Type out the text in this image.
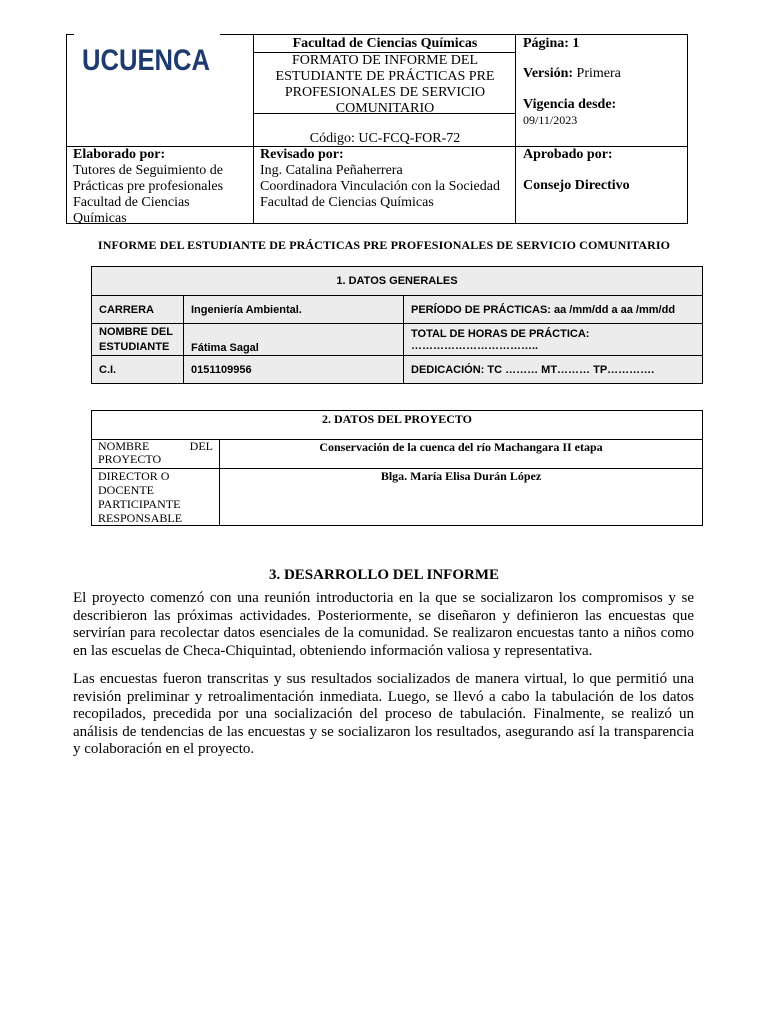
UCUENCA
Facultad de Ciencias Químicas
FORMATO DE INFORME DEL ESTUDIANTE DE PRÁCTICAS PRE PROFESIONALES DE SERVICIO COMUNITARIO
Código: UC-FCQ-FOR-72
Página: 1
Versión: Primera
Vigencia desde:
09/11/2023
Elaborado por:
Tutores de Seguimiento de
Prácticas pre profesionales
Facultad de Ciencias
Químicas
Revisado por:
Ing. Catalina Peñaherrera
Coordinadora Vinculación con la Sociedad
Facultad de Ciencias Químicas
Aprobado por:
Consejo Directivo
INFORME DEL ESTUDIANTE DE PRÁCTICAS PRE PROFESIONALES DE SERVICIO COMUNITARIO
1. DATOS GENERALES		
CARRERA	Ingeniería Ambiental.	PERÍODO DE PRÁCTICAS: aa /mm/dd a aa /mm/dd
NOMBRE DEL ESTUDIANTE	Fátima Sagal	TOTAL DE HORAS DE PRÁCTICA: ……………………………..
C.I.	0151109956	DEDICACIÓN: TC ……… MT……… TP………….
2. DATOS DEL PROYECTO	
NOMBRE DEL PROYECTO	Conservación de la cuenca del río Machangara II etapa
DIRECTOR O DOCENTE PARTICIPANTE RESPONSABLE	Blga. María Elisa Durán López
3. DESARROLLO DEL INFORME
El proyecto comenzó con una reunión introductoria en la que se socializaron los compromisos y se describieron las próximas actividades. Posteriormente, se diseñaron y definieron las encuestas que servirían para recolectar datos esenciales de la comunidad. Se realizaron encuestas tanto a niños como en las escuelas de Checa-Chiquintad, obteniendo información valiosa y representativa.
Las encuestas fueron transcritas y sus resultados socializados de manera virtual, lo que permitió una revisión preliminar y retroalimentación inmediata. Luego, se llevó a cabo la tabulación de los datos recopilados, precedida por una socialización del proceso de tabulación. Finalmente, se realizó un análisis de tendencias de las encuestas y se socializaron los resultados, asegurando así la transparencia y colaboración en el proyecto.
